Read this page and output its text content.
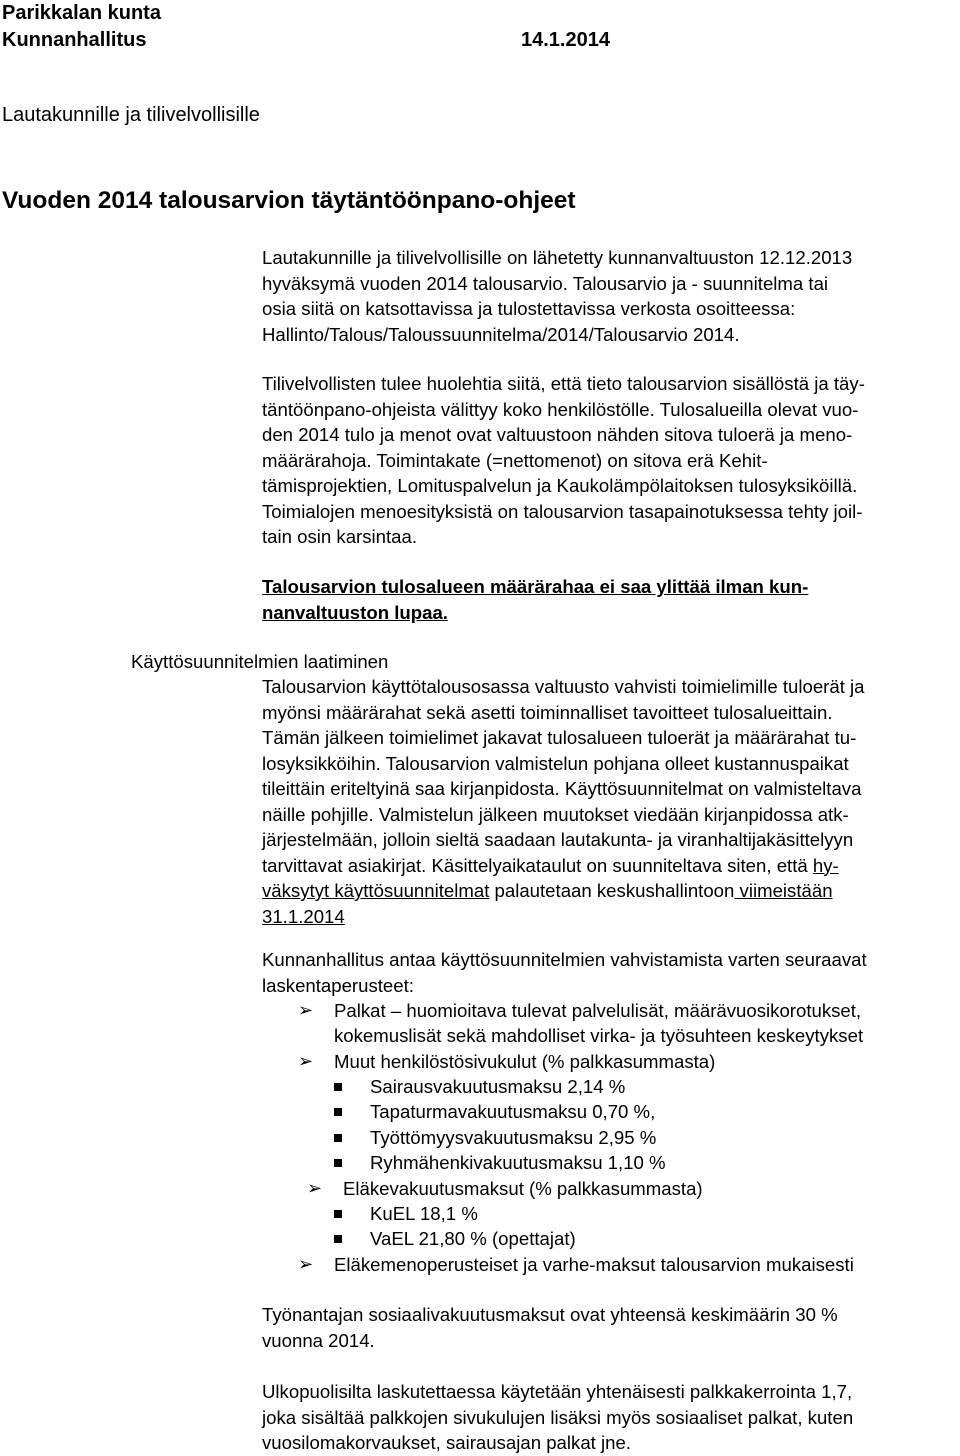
Parikkalan kunta
Kunnanhallitus	14.1.2014
Lautakunnille ja tilivelvollisille
Vuoden 2014 talousarvion täytäntöönpano-ohjeet
Lautakunnille ja tilivelvollisille on lähetetty kunnanvaltuuston 12.12.2013
hyväksymä vuoden 2014 talousarvio. Talousarvio ja - suunnitelma tai
osia siitä on katsottavissa ja tulostettavissa verkosta osoitteessa:
Hallinto/Talous/Taloussuunnitelma/2014/Talousarvio 2014.
Tilivelvollisten tulee huolehtia siitä, että tieto talousarvion sisällöstä ja täy-
täntöönpano-ohjeista välittyy koko henkilöstölle. Tulosalueilla olevat vuo-
den 2014 tulo ja menot ovat valtuustoon nähden sitova tuloerä ja meno-
määrärahoja. Toimintakate (=nettomenot) on sitova erä Kehit-
tämisprojektien, Lomituspalvelun ja Kaukolämpölaitoksen tulosyksiköillä.
Toimialojen menoesityksistä on talousarvion tasapainotuksessa tehty joil-
tain osin karsintaa.
Talousarvion tulosalueen määrärahaa ei saa ylittää ilman kun-
nanvaltuuston lupaa.
Käyttösuunnitelmien laatiminen
Talousarvion käyttötalousosassa valtuusto vahvisti toimielimille tuloerät ja
myönsi määrärahat sekä asetti toiminnalliset tavoitteet tulosalueittain.
Tämän jälkeen toimielimet jakavat tulosalueen tuloerät ja määrärahat tu-
losyksikköihin. Talousarvion valmistelun pohjana olleet kustannuspaikat
tileittäin eriteltyinä saa kirjanpidosta. Käyttösuunnitelmat on valmisteltava
näille pohjille. Valmistelun jälkeen muutokset viedään kirjanpidossa atk-
järjestelmään, jolloin sieltä saadaan lautakunta- ja viranhaltijakäsittelyyn
tarvittavat asiakirjat. Käsittelyaikataulut on suunniteltava siten, että hy-
väksytyt käyttösuunnitelmat palautetaan keskushallintoon viimeistään
31.1.2014
Kunnanhallitus antaa käyttösuunnitelmien vahvistamista varten seuraavat
laskentaperusteet:
➢ Palkat – huomioitava tulevat palvelulisät, määrävuosikorotukset,
kokemuslisät sekä mahdolliset virka- ja työsuhteen keskeytykset
➢ Muut henkilöstösivukulut (% palkkasummasta)
Sairausvakuutusmaksu 2,14 %
Tapaturmavakuutusmaksu 0,70 %,
Työttömyysvakuutusmaksu 2,95 %
Ryhmähenkivakuutusmaksu 1,10 %
➢ Eläkevakuutusmaksut (% palkkasummasta)
KuEL 18,1 %
VaEL 21,80 % (opettajat)
➢ Eläkemenoperusteiset ja varhe-maksut talousarvion mukaisesti
Työnantajan sosiaalivakuutusmaksut ovat yhteensä keskimäärin 30 %
vuonna 2014.
Ulkopuolisilta laskutettaessa käytetään yhtenäisesti palkkakerrointa 1,7,
joka sisältää palkkojen sivukulujen lisäksi myös sosiaaliset palkat, kuten
vuosilomakorvaukset, sairausajan palkat jne.
